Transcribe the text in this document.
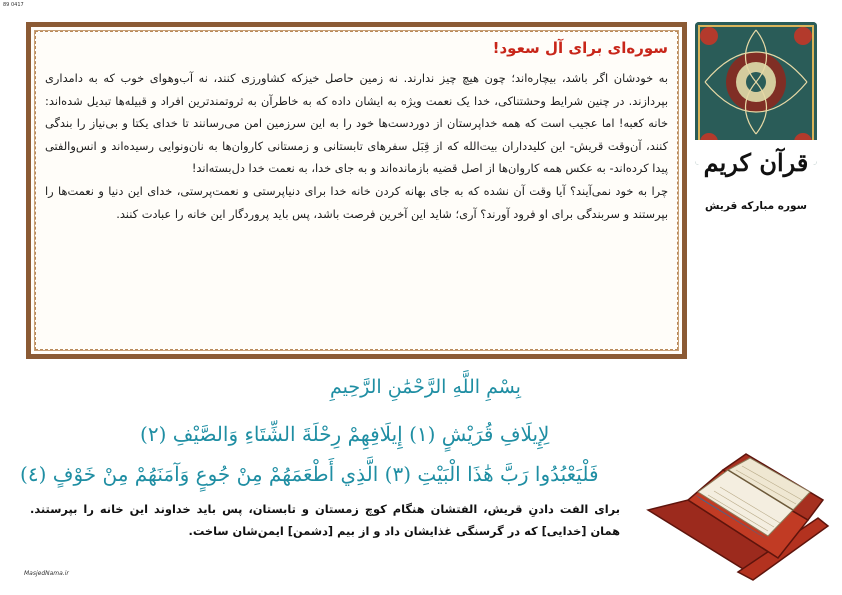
89 0417
سوره‌ای برای آل سعود!

به خودشان اگر باشد، بیچاره‌اند؛ چون هیچ چیز ندارند. نه زمین حاصل خیزکه کشاورزی کنند، نه آب‌وهوای خوب که به دامداری بپردازند. در چنین شرایط وحشتناکی، خدا یک نعمت ویژه به ایشان داده که به خاطرآن به ثروتمندترین افراد و قبیله‌ها تبدیل شده‌اند: خانه کعبه! اما عجیب است که همه خداپرستان از دوردست‌ها خود را به این سرزمین امن می‌رسانند تا خدای یکتا و بی‌نیاز را بندگی کنند، آن‌وقت قریش- این کلیدداران بیت‌الله که از قِبَل سفرهای تابستانی و زمستانی کاروان‌ها به نان‌ونوایی رسیده‌اند و انس‌والفتی پیدا کرده‌اند- به عکس همه کاروان‌ها از اصل قضیه بازمانده‌اند و به جای خدا، به نعمت خدا دل‌بسته‌اند!

چرا به خود نمی‌آیند؟ آیا وقت آن نشده که به جای بهانه کردن خانه خدا برای دنیاپرستی و نعمت‌پرستی، خدای این دنیا و نعمت‌ها را بپرستند و سربندگی برای او فرود آورند؟ آری؛ شاید این آخرین فرصت باشد، پس باید پروردگار این خانه را عبادت کنند.

قرآن کریم
سوره مبارکه قریش
بِسْمِ اللَّهِ الرَّحْمَٰنِ الرَّحِيمِ
لِإِيلَافِ قُرَيْشٍ (١) إِيلَافِهِمْ رِحْلَةَ الشِّتَاءِ وَالصَّيْفِ (٢)
فَلْيَعْبُدُوا رَبَّ هَٰذَا الْبَيْتِ (٣) الَّذِي أَطْعَمَهُمْ مِنْ جُوعٍ وَآمَنَهُمْ مِنْ خَوْفٍ (٤)

برای الفت دادنِ قریش، الفتشان هنگام کوچ زمستان و تابستان، پس باید خداوند این خانه را بپرستند. همان [خدایی] که در گرسنگی غذایشان داد و از بیم [دشمن] ایمن‌شان ساخت.

MasjedNama.ir
